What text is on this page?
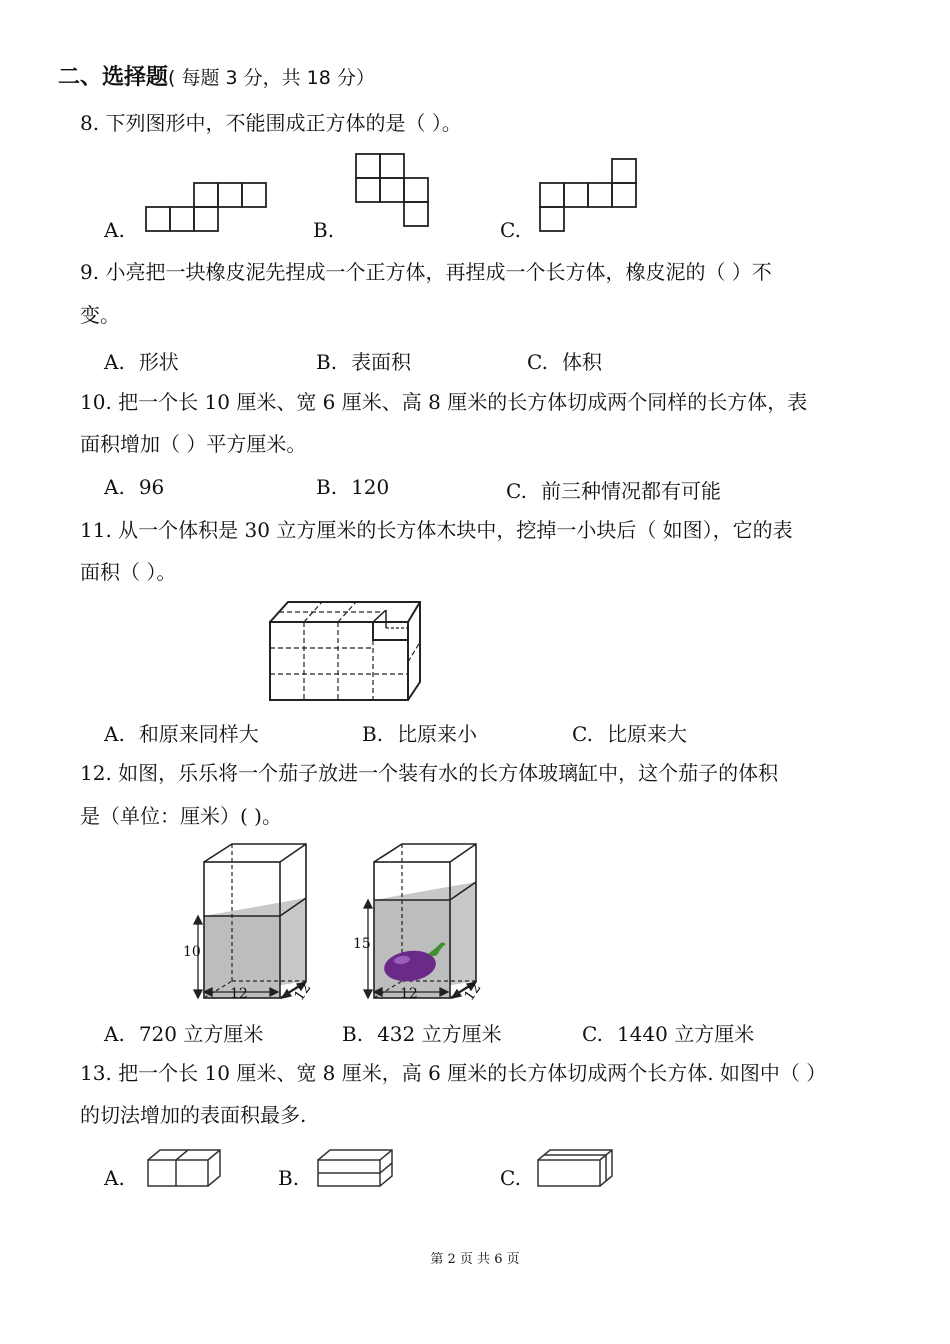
二、选择题( 每题 3 分，共 18 分）
8. 下列图形中，不能围成正方体的是（ ）。
A.	B.	C.
9. 小亮把一块橡皮泥先捏成一个正方体，再捏成一个长方体，橡皮泥的（ ）不
变。
A. 形状	B. 表面积	C. 体积
10. 把一个长 10 厘米、宽 6 厘米、高 8 厘米的长方体切成两个同样的长方体，表
面积增加（ ）平方厘米。
A. 96	B. 120	C. 前三种情况都有可能
11. 从一个体积是 30 立方厘米的长方体木块中，挖掉一小块后（ 如图），它的表
面积（ ）。
A. 和原来同样大	B. 比原来小	C. 比原来大
12. 如图，乐乐将一个茄子放进一个装有水的长方体玻璃缸中，这个茄子的体积
是（单位：厘米）( )。
10
12	12
15
12	12
A. 720 立方厘米	B. 432 立方厘米	C. 1440 立方厘米
13. 把一个长 10 厘米、宽 8 厘米，高 6 厘米的长方体切成两个长方体. 如图中（ ）
的切法增加的表面积最多.
A.	B.	C.
第 2 页 共 6 页
